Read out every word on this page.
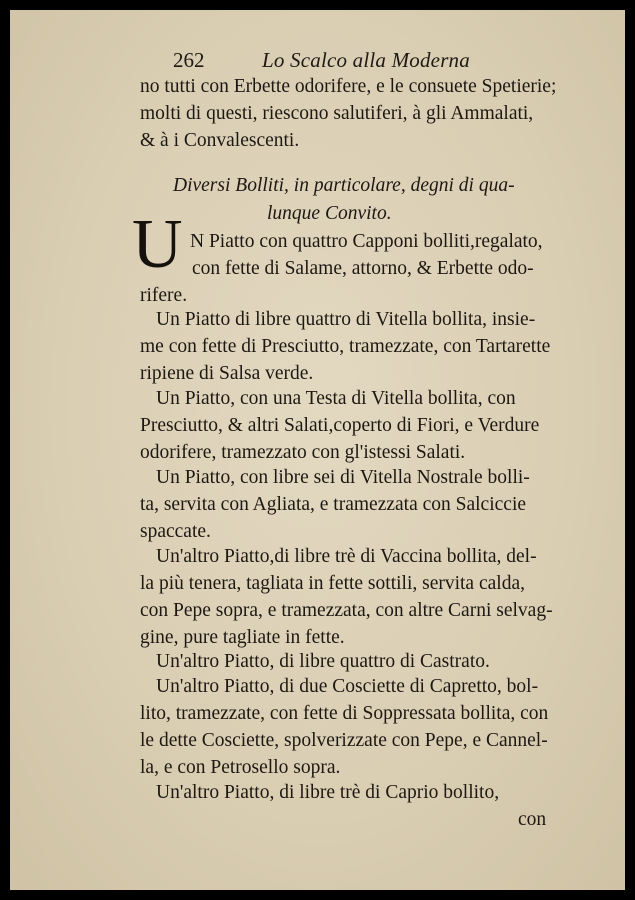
262	Lo Scalco alla Moderna
no tutti con Erbette odorifere, e le consuete Spetierie;
molti di questi, riescono salutiferi, à gli Ammalati,
& à i Convalescenti.
Diversi Bolliti, in particolare, degni di qua-
lunque Convito.
U N Piatto con quattro Capponi bolliti,regalato,
con fette di Salame, attorno, & Erbette odo-
rifere.
Un Piatto di libre quattro di Vitella bollita, insie-
me con fette di Presciutto, tramezzate, con Tartarette
ripiene di Salsa verde.
Un Piatto, con una Testa di Vitella bollita, con
Presciutto, & altri Salati,coperto di Fiori, e Verdure
odorifere, tramezzato con gl'istessi Salati.
Un Piatto, con libre sei di Vitella Nostrale bolli-
ta, servita con Agliata, e tramezzata con Salciccie
spaccate.
Un'altro Piatto,di libre trè di Vaccina bollita, del-
la più tenera, tagliata in fette sottili, servita calda,
con Pepe sopra, e tramezzata, con altre Carni selvag-
gine, pure tagliate in fette.
Un'altro Piatto, di libre quattro di Castrato.
Un'altro Piatto, di due Cosciette di Capretto, bol-
lito, tramezzate, con fette di Soppressata bollita, con
le dette Cosciette, spolverizzate con Pepe, e Cannel-
la, e con Petrosello sopra.
Un'altro Piatto, di libre trè di Caprio bollito,
con
